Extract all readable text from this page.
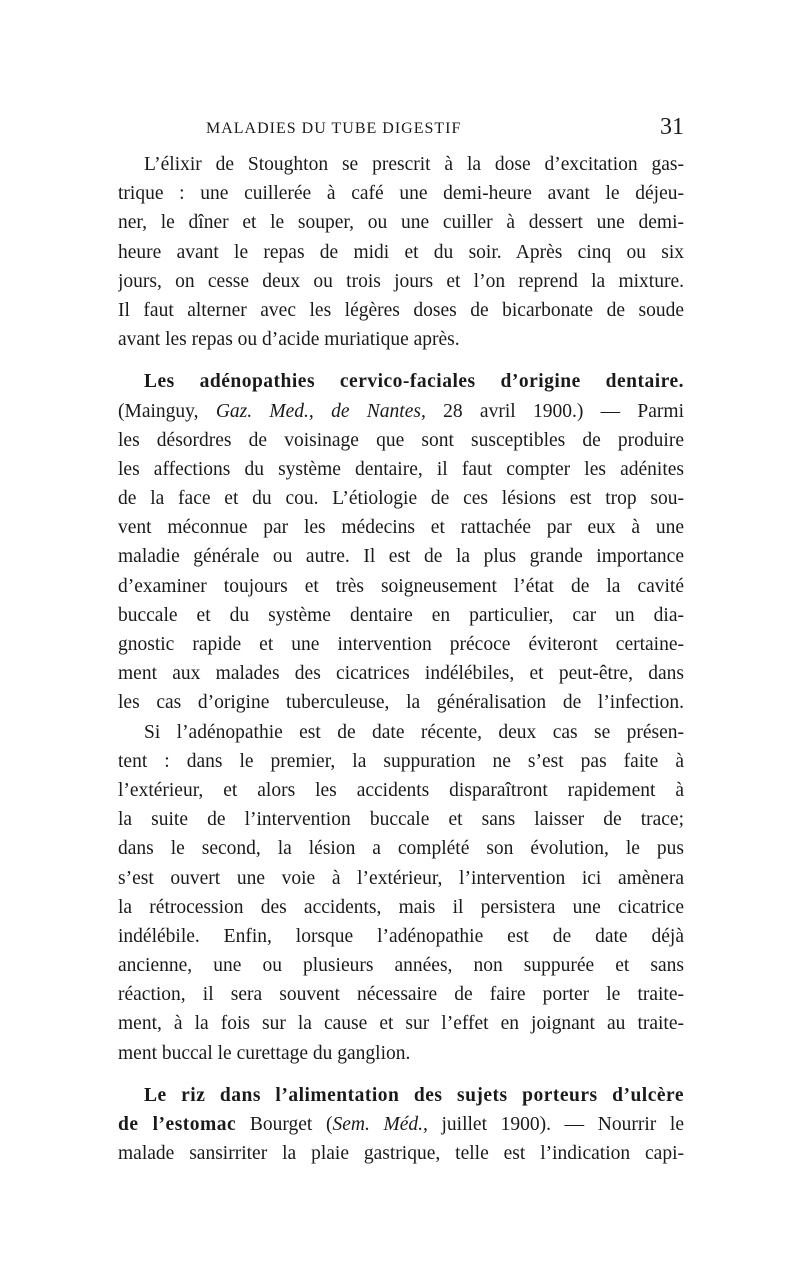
MALADIES DU TUBE DIGESTIF	31
L’élixir de Stoughton se prescrit à la dose d’excitation gas-
trique : une cuillerée à café une demi-heure avant le déjeu-
ner, le dîner et le souper, ou une cuiller à dessert une demi-
heure avant le repas de midi et du soir. Après cinq ou six
jours, on cesse deux ou trois jours et l’on reprend la mixture.
Il faut alterner avec les légères doses de bicarbonate de soude
avant les repas ou d’acide muriatique après.
Les adénopathies cervico-faciales d’origine dentaire.
(Mainguy, Gaz. Med., de Nantes, 28 avril 1900.) — Parmi
les désordres de voisinage que sont susceptibles de produire
les affections du système dentaire, il faut compter les adénites
de la face et du cou. L’étiologie de ces lésions est trop sou-
vent méconnue par les médecins et rattachée par eux à une
maladie générale ou autre. Il est de la plus grande importance
d’examiner toujours et très soigneusement l’état de la cavité
buccale et du système dentaire en particulier, car un dia-
gnostic rapide et une intervention précoce éviteront certaine-
ment aux malades des cicatrices indélébiles, et peut-être, dans
les cas d’origine tuberculeuse, la généralisation de l’infection.
Si l’adénopathie est de date récente, deux cas se présen-
tent : dans le premier, la suppuration ne s’est pas faite à
l’extérieur, et alors les accidents disparaîtront rapidement à
la suite de l’intervention buccale et sans laisser de trace;
dans le second, la lésion a complété son évolution, le pus
s’est ouvert une voie à l’extérieur, l’intervention ici amènera
la rétrocession des accidents, mais il persistera une cicatrice
indélébile. Enfin, lorsque l’adénopathie est de date déjà
ancienne, une ou plusieurs années, non suppurée et sans
réaction, il sera souvent nécessaire de faire porter le traite-
ment, à la fois sur la cause et sur l’effet en joignant au traite-
ment buccal le curettage du ganglion.
Le riz dans l’alimentation des sujets porteurs d’ulcère
de l’estomac Bourget (Sem. Méd., juillet 1900). — Nourrir le
malade sansirriter la plaie gastrique, telle est l’indication capi-
